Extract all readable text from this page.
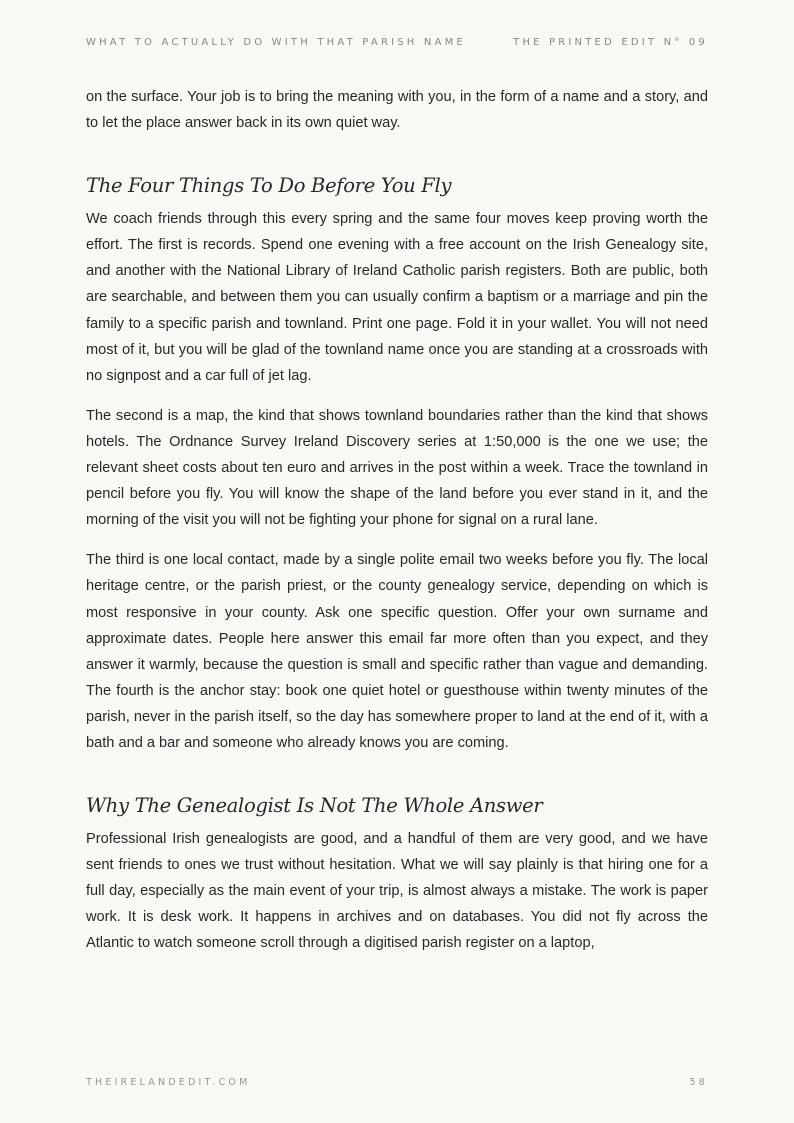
WHAT TO ACTUALLY DO WITH THAT PARISH NAME	THE PRINTED EDIT N° 09

on the surface. Your job is to bring the meaning with you, in the form of a name and a story, and to let the place answer back in its own quiet way.

The Four Things To Do Before You Fly

We coach friends through this every spring and the same four moves keep proving worth the effort. The first is records. Spend one evening with a free account on the Irish Genealogy site, and another with the National Library of Ireland Catholic parish registers. Both are public, both are searchable, and between them you can usually confirm a baptism or a marriage and pin the family to a specific parish and townland. Print one page. Fold it in your wallet. You will not need most of it, but you will be glad of the townland name once you are standing at a crossroads with no signpost and a car full of jet lag.

The second is a map, the kind that shows townland boundaries rather than the kind that shows hotels. The Ordnance Survey Ireland Discovery series at 1:50,000 is the one we use; the relevant sheet costs about ten euro and arrives in the post within a week. Trace the townland in pencil before you fly. You will know the shape of the land before you ever stand in it, and the morning of the visit you will not be fighting your phone for signal on a rural lane.

The third is one local contact, made by a single polite email two weeks before you fly. The local heritage centre, or the parish priest, or the county genealogy service, depending on which is most responsive in your county. Ask one specific question. Offer your own surname and approximate dates. People here answer this email far more often than you expect, and they answer it warmly, because the question is small and specific rather than vague and demanding. The fourth is the anchor stay: book one quiet hotel or guesthouse within twenty minutes of the parish, never in the parish itself, so the day has somewhere proper to land at the end of it, with a bath and a bar and someone who already knows you are coming.

Why The Genealogist Is Not The Whole Answer

Professional Irish genealogists are good, and a handful of them are very good, and we have sent friends to ones we trust without hesitation. What we will say plainly is that hiring one for a full day, especially as the main event of your trip, is almost always a mistake. The work is paper work. It is desk work. It happens in archives and on databases. You did not fly across the Atlantic to watch someone scroll through a digitised parish register on a laptop,

THEIRELANDEDIT.COM	58
